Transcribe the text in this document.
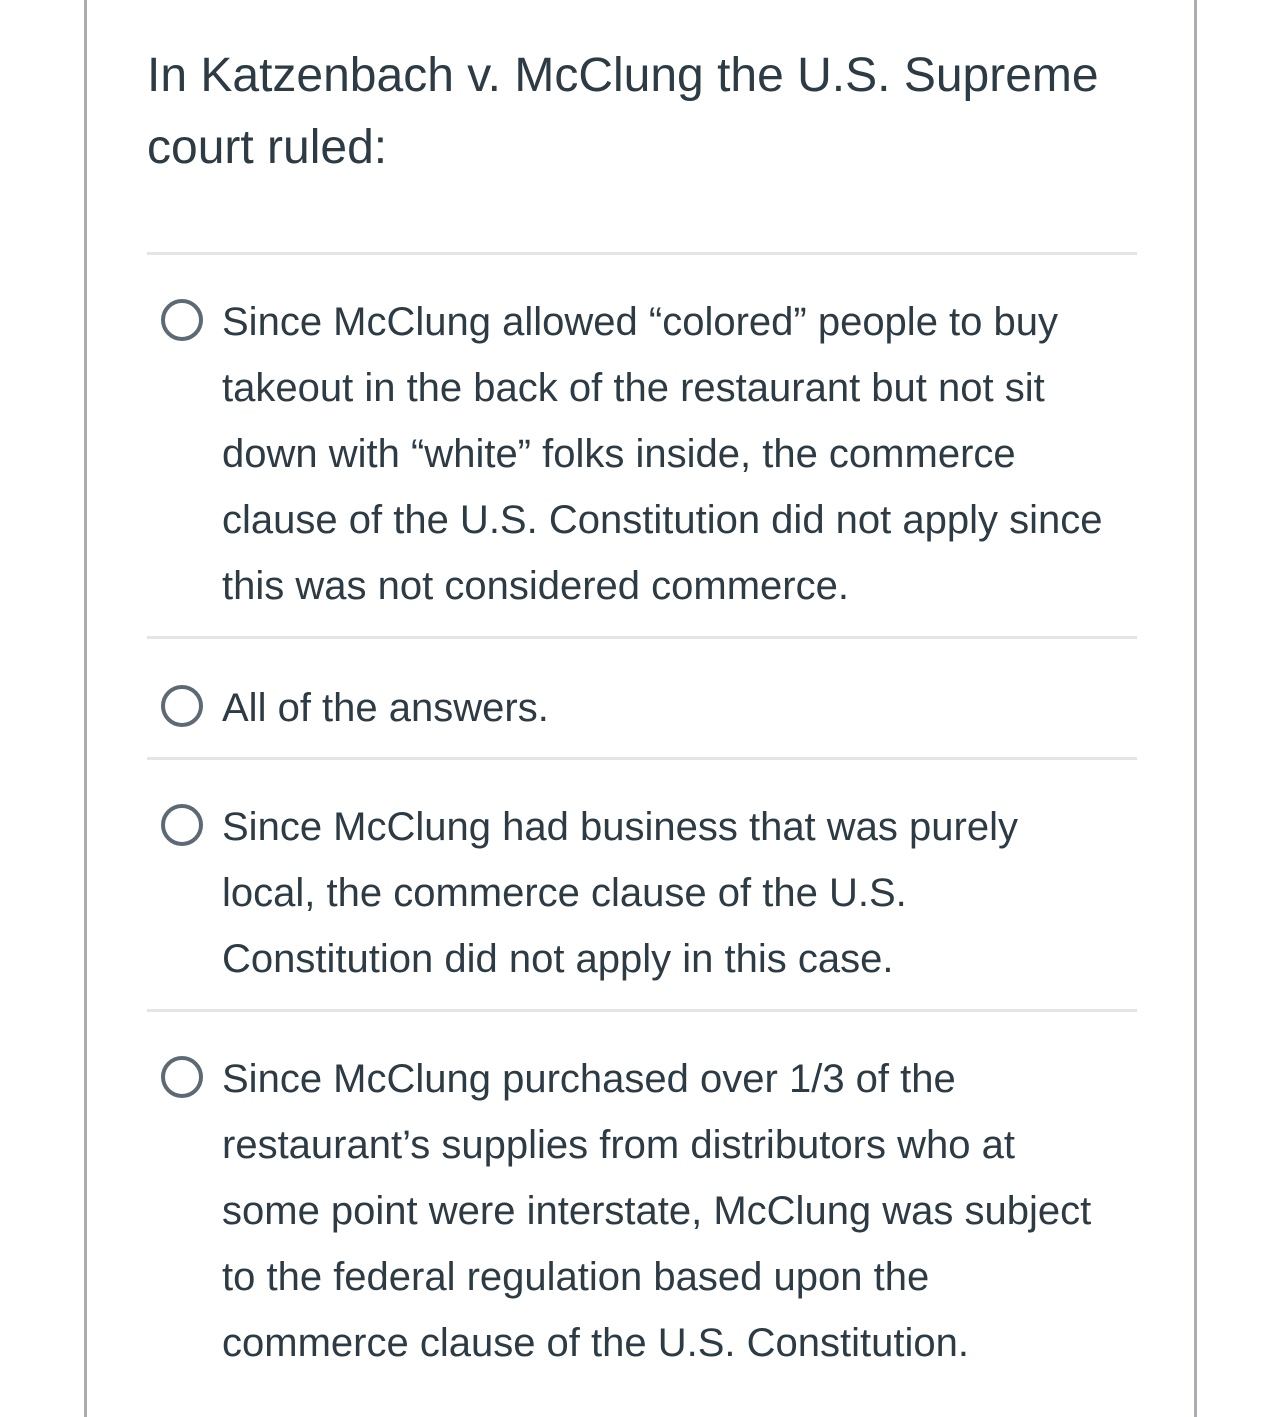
In Katzenbach v. McClung the U.S. Supreme court ruled:
Since McClung allowed “colored” people to buy takeout in the back of the restaurant but not sit down with “white” folks inside, the commerce clause of the U.S. Constitution did not apply since this was not considered commerce.
All of the answers.
Since McClung had business that was purely local, the commerce clause of the U.S. Constitution did not apply in this case.
Since McClung purchased over 1/3 of the restaurant’s supplies from distributors who at some point were interstate, McClung was subject to the federal regulation based upon the commerce clause of the U.S. Constitution.
